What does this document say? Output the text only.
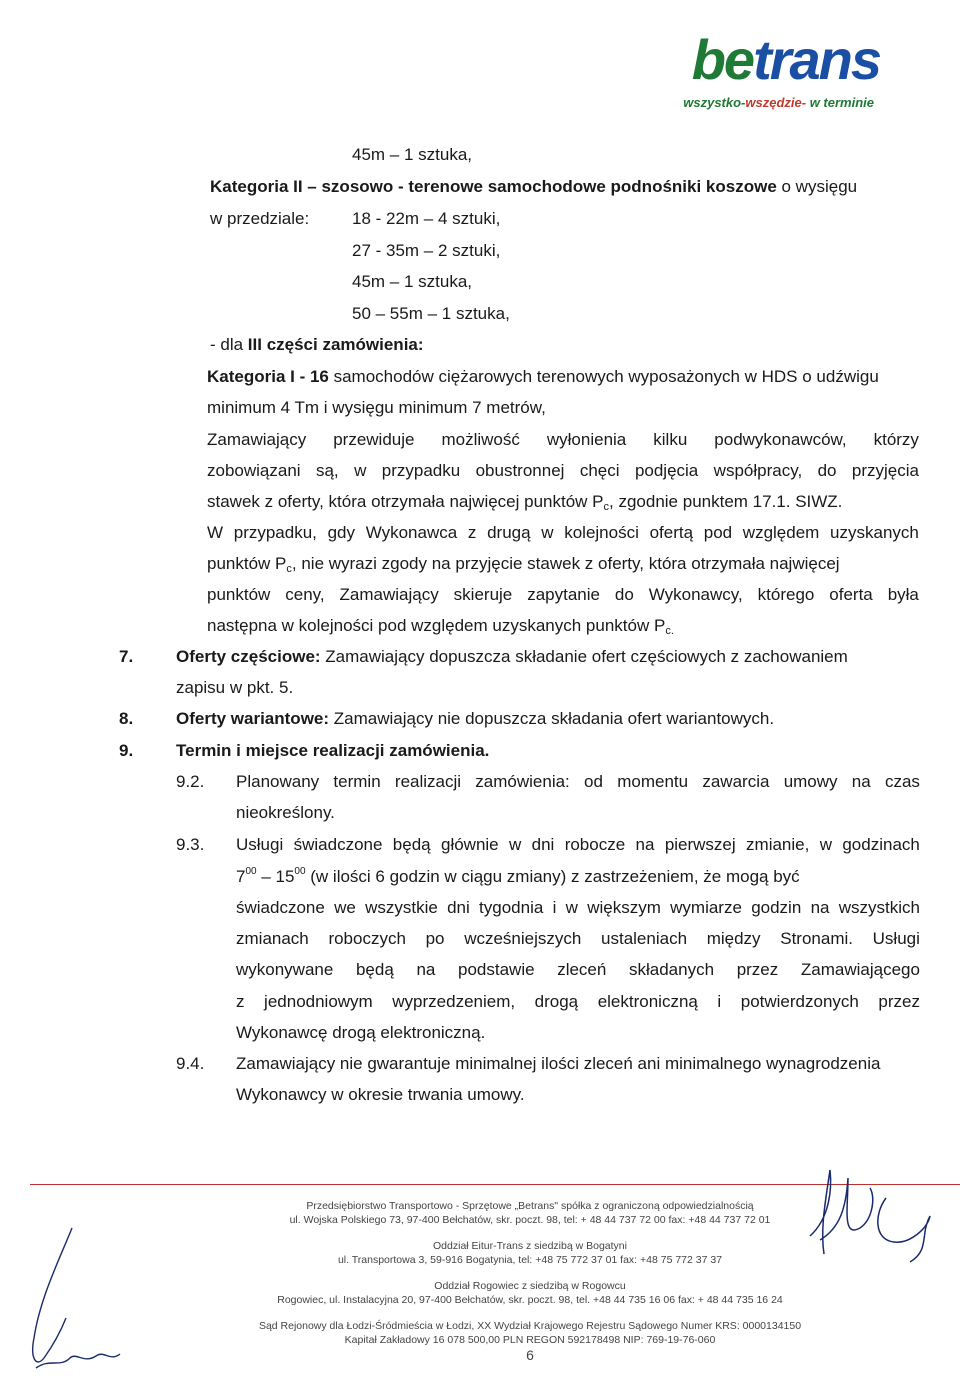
betrans
wszystko-wszędzie- w terminie
45m – 1 sztuka,
Kategoria II – szosowo - terenowe samochodowe podnośniki koszowe o wysięgu
w przedziale:	18 - 22m – 4 sztuki,
27 - 35m – 2 sztuki,
45m – 1 sztuka,
50 – 55m – 1 sztuka,
- dla III części zamówienia:
Kategoria I - 16 samochodów ciężarowych terenowych wyposażonych w HDS o udźwigu
minimum 4 Tm i wysięgu minimum 7 metrów,
Zamawiający przewiduje możliwość wyłonienia kilku podwykonawców, którzy
zobowiązani są, w przypadku obustronnej chęci podjęcia współpracy, do przyjęcia
stawek z oferty, która otrzymała najwięcej punktów $P_c$, zgodnie punktem 17.1. SIWZ.
W przypadku, gdy Wykonawca z drugą w kolejności ofertą pod względem uzyskanych
punktów $P_c$, nie wyrazi zgody na przyjęcie stawek z oferty, która otrzymała najwięcej
punktów ceny, Zamawiający skieruje zapytanie do Wykonawcy, którego oferta była
następna w kolejności pod względem uzyskanych punktów $P_{c.}$
7.	Oferty częściowe: Zamawiający dopuszcza składanie ofert częściowych z zachowaniem
zapisu w pkt. 5.
8.	Oferty wariantowe: Zamawiający nie dopuszcza składania ofert wariantowych.
9.	Termin i miejsce realizacji zamówienia.
9.2. Planowany termin realizacji zamówienia: od momentu zawarcia umowy na czas
nieokreślony.
9.3. Usługi świadczone będą głównie w dni robocze na pierwszej zmianie, w godzinach
$7^{00} - 15^{00}$ (w ilości 6 godzin w ciągu zmiany) z zastrzeżeniem, że mogą być
świadczone we wszystkie dni tygodnia i w większym wymiarze godzin na wszystkich
zmianach roboczych po wcześniejszych ustaleniach między Stronami. Usługi
wykonywane będą na podstawie zleceń składanych przez Zamawiającego
z jednodniowym wyprzedzeniem, drogą elektroniczną i potwierdzonych przez
Wykonawcę drogą elektroniczną.
9.4. Zamawiający nie gwarantuje minimalnej ilości zleceń ani minimalnego wynagrodzenia
Wykonawcy w okresie trwania umowy.
Przedsiębiorstwo Transportowo - Sprzętowe „Betrans" spółka z ograniczoną odpowiedzialnością
ul. Wojska Polskiego 73, 97-400 Bełchatów, skr. poczt. 98, tel: + 48 44 737 72 00 fax: +48 44 737 72 01
Oddział Eitur-Trans z siedzibą w Bogatyni
ul. Transportowa 3, 59-916 Bogatynia, tel: +48 75 772 37 01 fax: +48 75 772 37 37
Oddział Rogowiec z siedzibą w Rogowcu
Rogowiec, ul. Instalacyjna 20, 97-400 Bełchatów, skr. poczt. 98, tel. +48 44 735 16 06 fax: + 48 44 735 16 24
Sąd Rejonowy dla Łodzi-Śródmieścia w Łodzi, XX Wydział Krajowego Rejestru Sądowego Numer KRS: 0000134150
Kapitał Zakładowy 16 078 500,00 PLN REGON 592178498 NIP: 769-19-76-060
6
